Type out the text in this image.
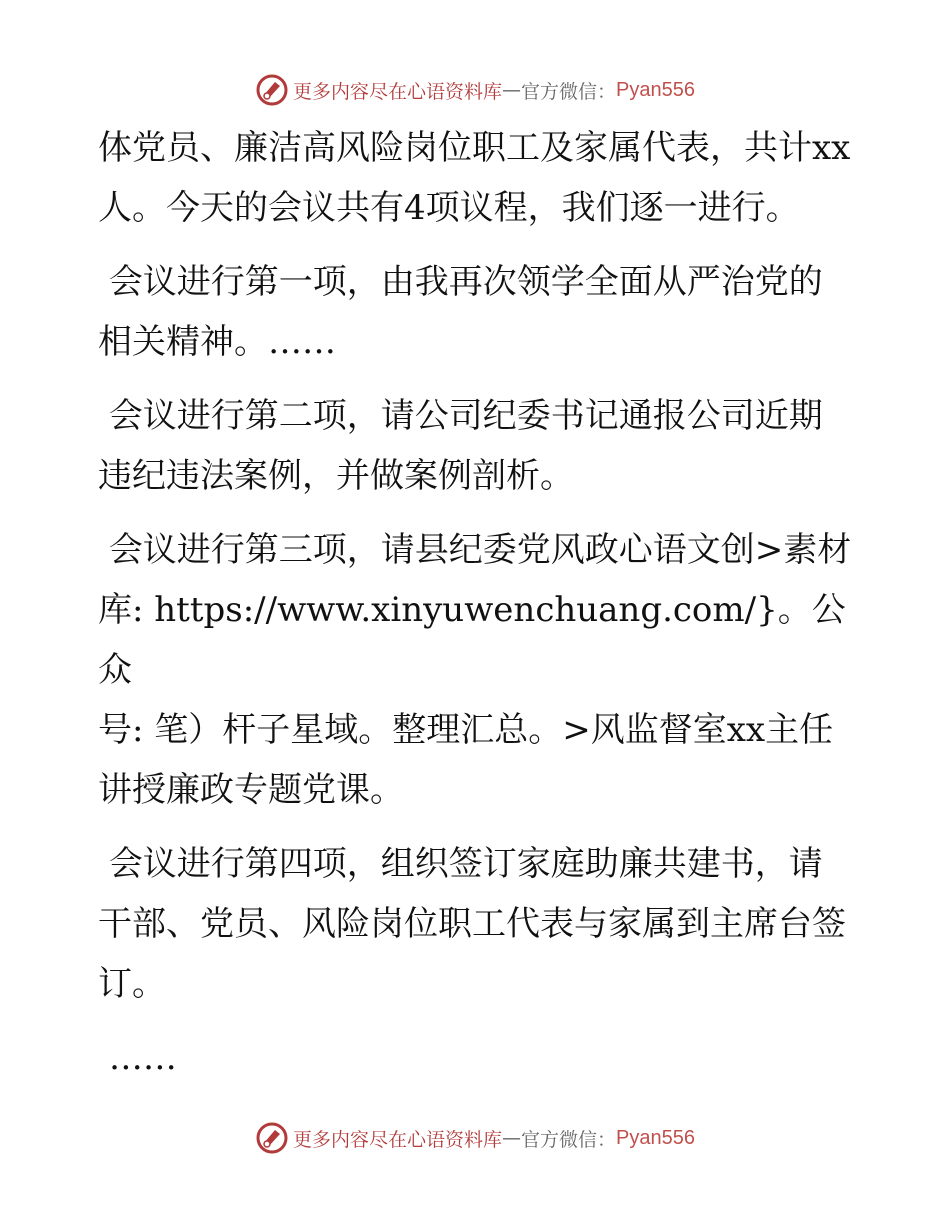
更多内容尽在心语资料库 — 官方微信： Pyan556

体党员、廉洁高风险岗位职工及家属代表，共计xx
人。今天的会议共有4项议程，我们逐一进行。

会议进行第一项，由我再次领学全面从严治党的
相关精神。……

会议进行第二项，请公司纪委书记通报公司近期
违纪违法案例，并做案例剖析。

会议进行第三项，请县纪委党风政心语文创>素材
库: https://www.xinyuwenchuang.com/}。公众
号: 笔）杆子星域。整理汇总。>风监督室xx主任
讲授廉政专题党课。

会议进行第四项，组织签订家庭助廉共建书，请
干部、党员、风险岗位职工代表与家属到主席台签
订。

……

更多内容尽在心语资料库 — 官方微信： Pyan556
